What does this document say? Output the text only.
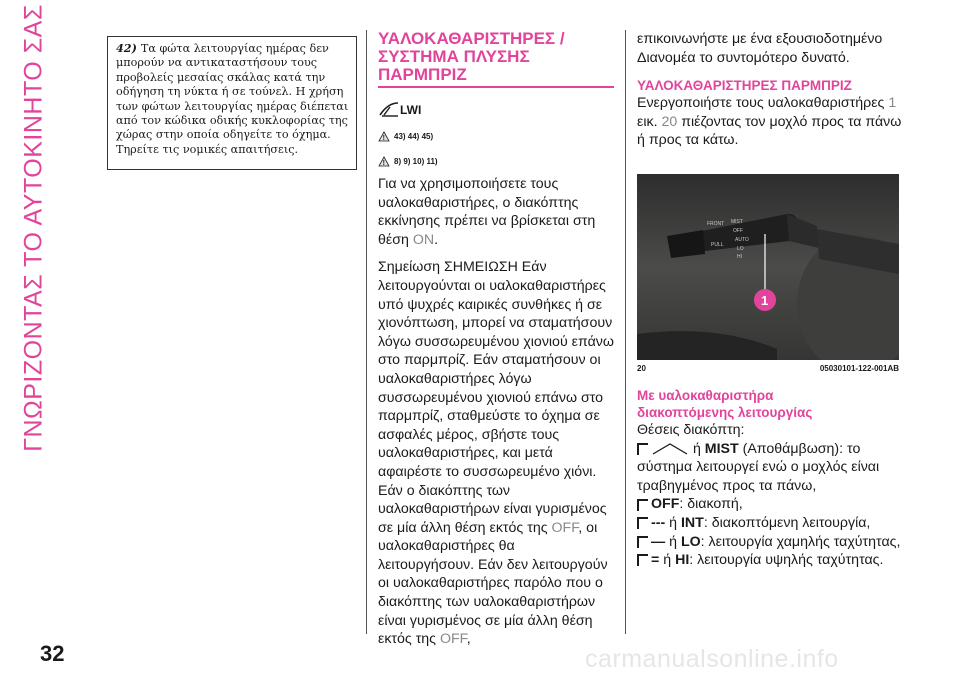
ΓΝΩΡΙΖΟΝΤΑΣ ΤΟ ΑΥΤΟΚΙΝΗΤΟ ΣΑΣ	42) Τα φώτα λειτουργίας ημέρας δεν μπορούν να αντικαταστήσουν τους προβολείς μεσαίας σκάλας κατά την οδήγηση τη νύκτα ή σε τούνελ. Η χρήση των φώτων λειτουργίας ημέρας διέπεται από τον κώδικα οδικής κυκλοφορίας της χώρας στην οποία οδηγείτε το όχημα. Τηρείτε τις νομικές απαιτήσεις.
ΥΑΛΟΚΑΘΑΡΙΣΤΗΡΕΣ /
ΣΥΣΤΗΜΑ ΠΛΥΣΗΣ
ΠΑΡΜΠΡΙΖ
LWI
! 43) 44) 45)
! 8) 9) 10) 11)

Για να χρησιμοποιήσετε τους υαλοκαθαριστήρες, ο διακόπτης εκκίνησης πρέπει να βρίσκεται στη θέση ON.

Σημείωση ΣΗΜΕΙΩΣΗ Εάν λειτουργούνται οι υαλοκαθαριστήρες υπό ψυχρές καιρικές συνθήκες ή σε χιονόπτωση, μπορεί να σταματήσουν λόγω συσσωρευμένου χιονιού επάνω στο παρμπρίζ. Εάν σταματήσουν οι υαλοκαθαριστήρες λόγω συσσωρευμένου χιονιού επάνω στο παρμπρίζ, σταθμεύστε το όχημα σε ασφαλές μέρος, σβήστε τους υαλοκαθαριστήρες, και μετά αφαιρέστε το συσσωρευμένο χιόνι. Εάν ο διακόπτης των υαλοκαθαριστήρων είναι γυρισμένος σε μία άλλη θέση εκτός της OFF, οι υαλοκαθαριστήρες θα λειτουργήσουν. Εάν δεν λειτουργούν οι υαλοκαθαριστήρες παρόλο που ο διακόπτης των υαλοκαθαριστήρων είναι γυρισμένος σε μία άλλη θέση εκτός της OFF,

επικοινωνήστε με ένα εξουσιοδοτημένο Διανομέα το συντομότερο δυνατό.

ΥΑΛΟΚΑΘΑΡΙΣΤΗΡΕΣ ΠΑΡΜΠΡΙΖ

Ενεργοποιήστε τους υαλοκαθαριστήρες 1 εικ. 20 πιέζοντας τον μοχλό προς τα πάνω ή προς τα κάτω.

1
FRONT MIST
OFF
AUTO
LO
HI
PULL
20	05030101-122-001AB
Με υαλοκαθαριστήρα
διακοπτόμενης λειτουργίας

Θέσεις διακόπτη:

ή MIST (Αποθάμβωση): το σύστημα λειτουργεί ενώ ο μοχλός είναι τραβηγμένος προς τα πάνω,

OFF: διακοπή,

--- ή INT: διακοπτόμενη λειτουργία,

— ή LO: λειτουργία χαμηλής ταχύτητας,

= ή HI: λειτουργία υψηλής ταχύτητας.

32	carmanualsonline.info
